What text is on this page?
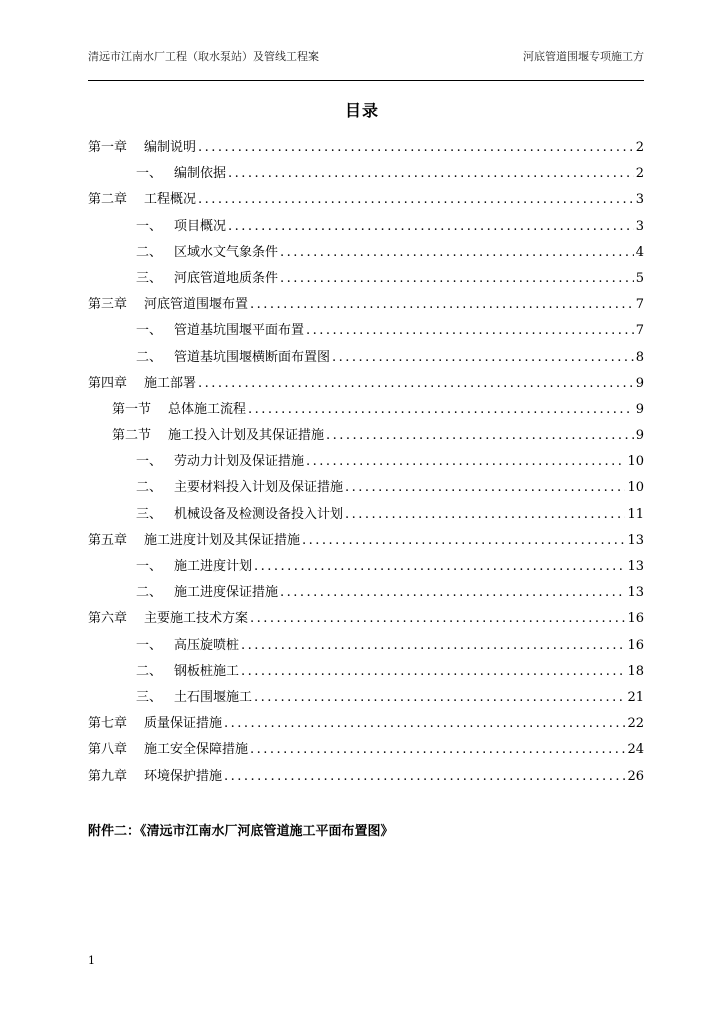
清远市江南水厂工程（取水泵站）及管线工程案	河底管道围堰专项施工方
目录
第一章 编制说明 .....	2
一、 编制依据 .....	2
第二章 工程概况 .....	3
一、 项目概况 .....	3
二、 区域水文气象条件 .....	4
三、 河底管道地质条件 .....	5
第三章 河底管道围堰布置 .....	7
一、 管道基坑围堰平面布置 .....	7
二、 管道基坑围堰横断面布置图 .....	8
第四章 施工部署 .....	9
第一节 总体施工流程 .....	9
第二节 施工投入计划及其保证措施 .....	9
一、 劳动力计划及保证措施 .....	10
二、 主要材料投入计划及保证措施 .....	10
三、 机械设备及检测设备投入计划 .....	11
第五章 施工进度计划及其保证措施 .....	13
一、 施工进度计划 .....	13
二、 施工进度保证措施 .....	13
第六章 主要施工技术方案 .....	16
一、 高压旋喷桩 .....	16
二、 钢板桩施工 .....	18
三、 土石围堰施工 .....	21
第七章 质量保证措施 .....	22
第八章 施工安全保障措施 .....	24
第九章 环境保护措施 .....	26
附件二：《清远市江南水厂河底管道施工平面布置图》
1
